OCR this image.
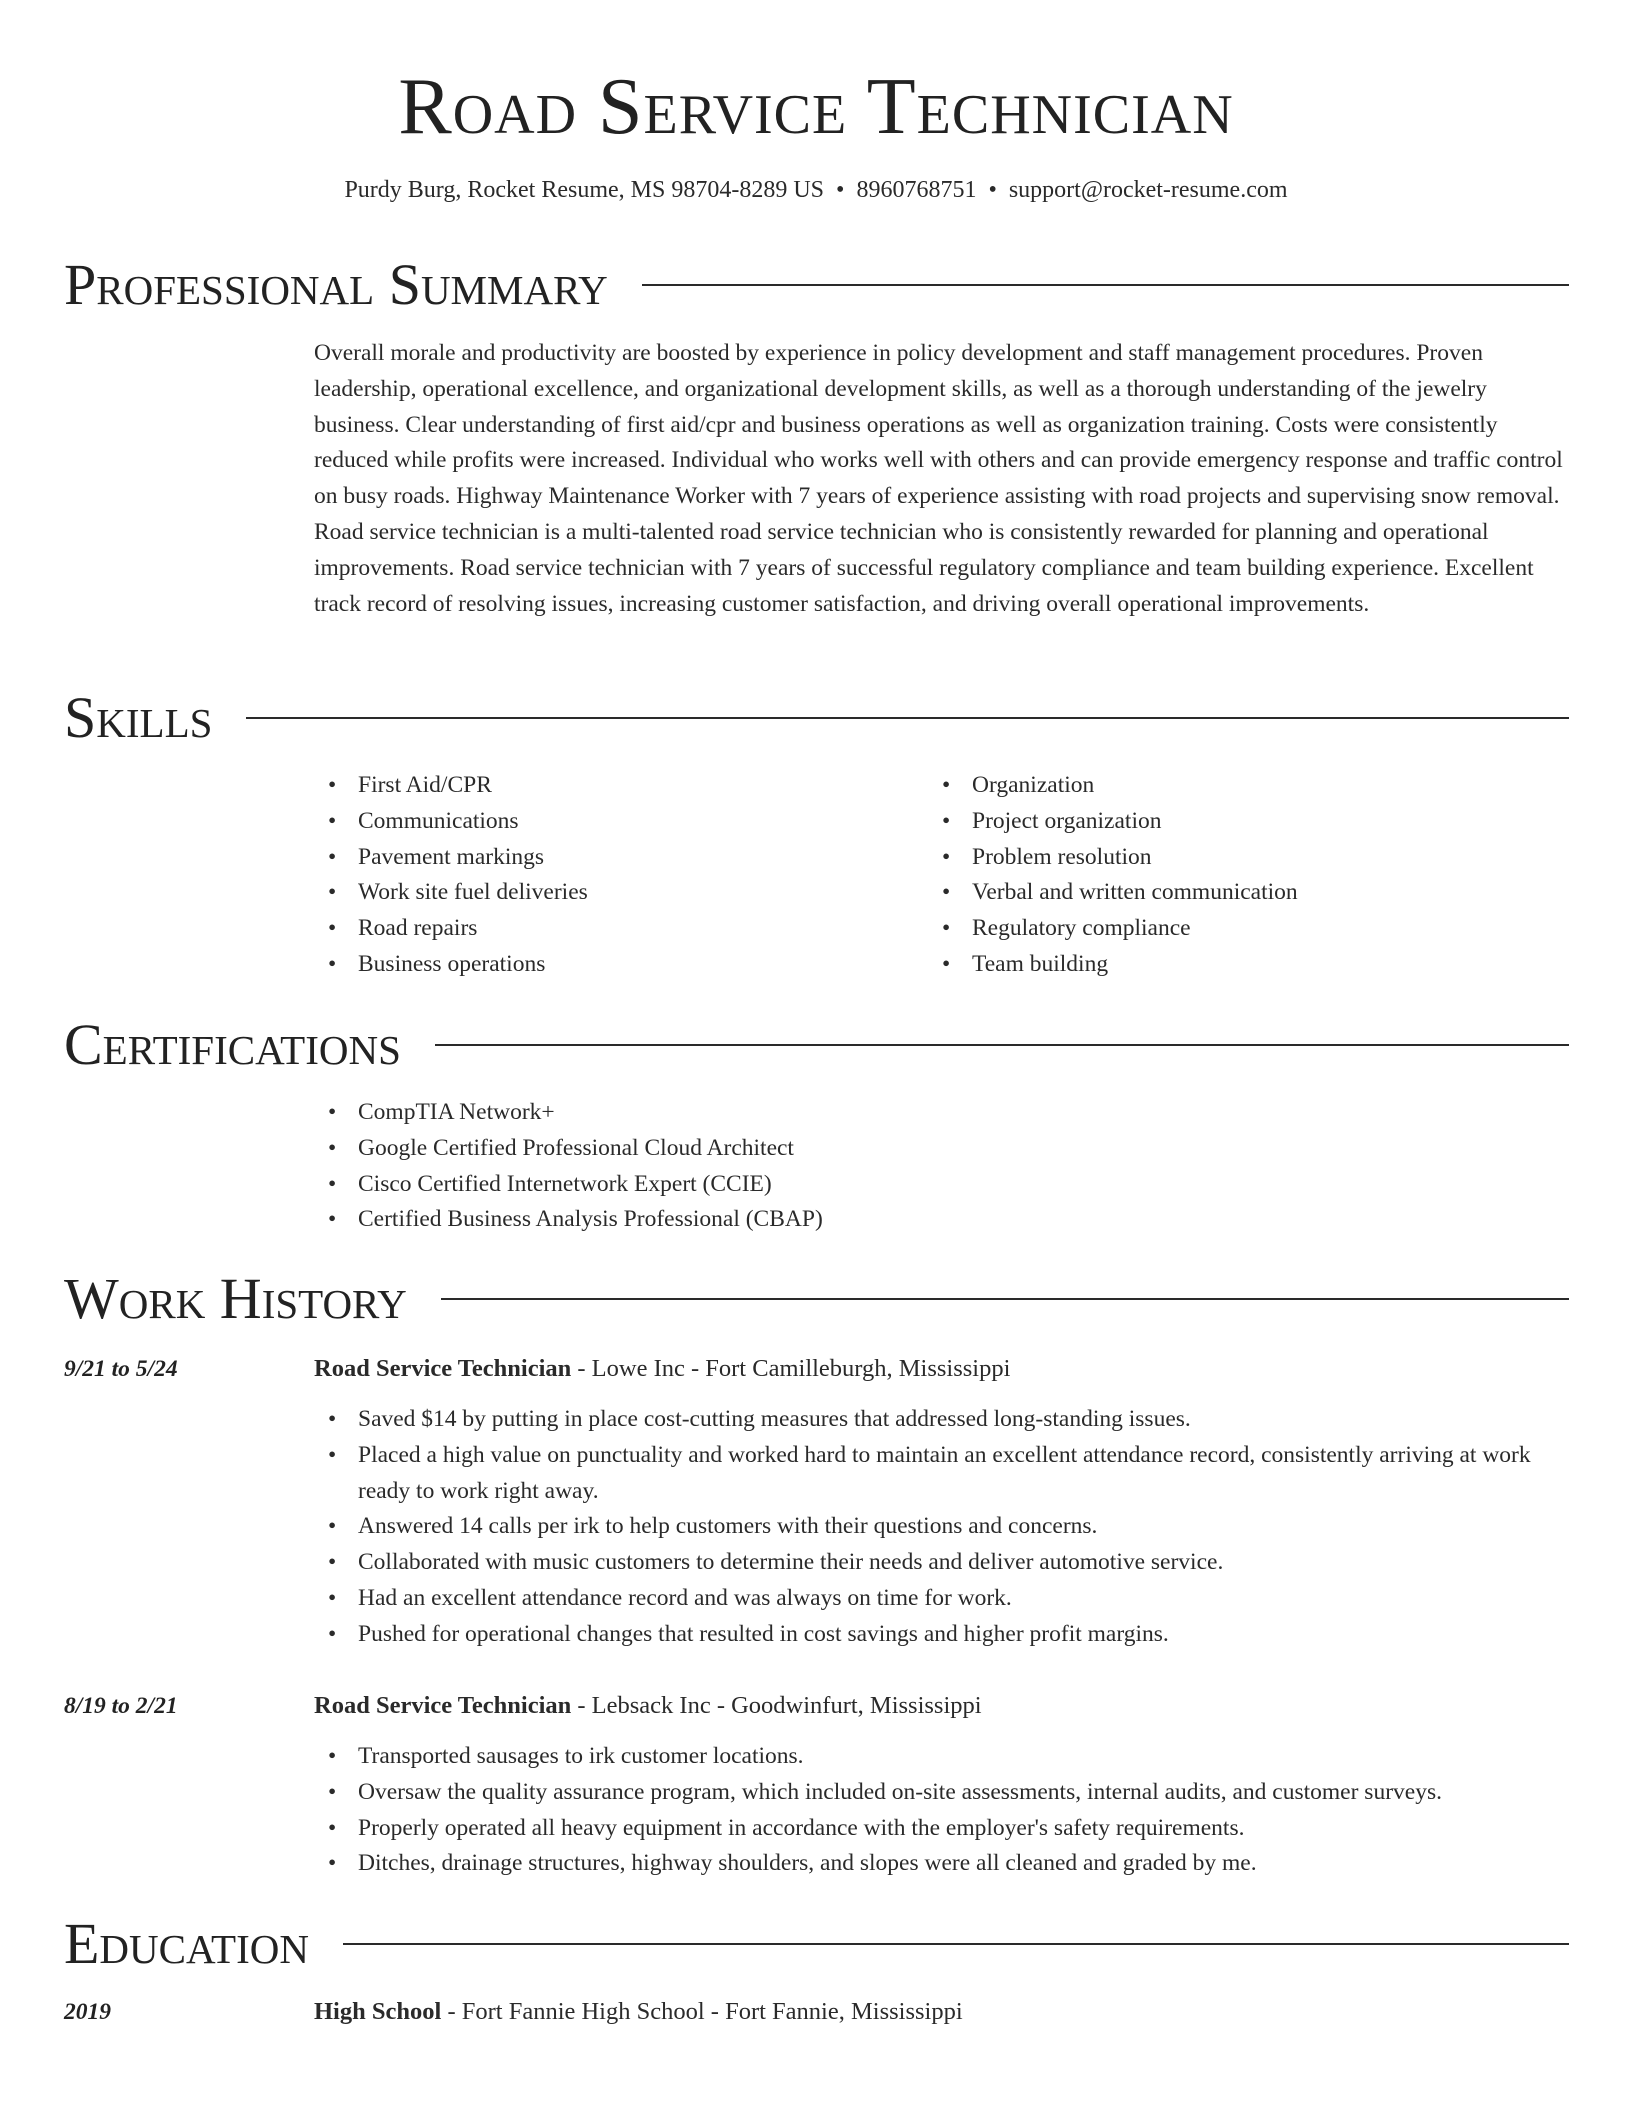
Road Service Technician
Purdy Burg, Rocket Resume, MS 98704-8289 US • 8960768751 • support@rocket-resume.com
Professional Summary
Overall morale and productivity are boosted by experience in policy development and staff management procedures. Proven leadership, operational excellence, and organizational development skills, as well as a thorough understanding of the jewelry business. Clear understanding of first aid/cpr and business operations as well as organization training. Costs were consistently reduced while profits were increased. Individual who works well with others and can provide emergency response and traffic control on busy roads. Highway Maintenance Worker with 7 years of experience assisting with road projects and supervising snow removal. Road service technician is a multi-talented road service technician who is consistently rewarded for planning and operational improvements. Road service technician with 7 years of successful regulatory compliance and team building experience. Excellent track record of resolving issues, increasing customer satisfaction, and driving overall operational improvements.
Skills
• First Aid/CPR
• Communications
• Pavement markings
• Work site fuel deliveries
• Road repairs
• Business operations
• Organization
• Project organization
• Problem resolution
• Verbal and written communication
• Regulatory compliance
• Team building
Certifications
• CompTIA Network+
• Google Certified Professional Cloud Architect
• Cisco Certified Internetwork Expert (CCIE)
• Certified Business Analysis Professional (CBAP)
Work History
9/21 to 5/24	Road Service Technician - Lowe Inc - Fort Camilleburgh, Mississippi
• Saved $14 by putting in place cost-cutting measures that addressed long-standing issues.
• Placed a high value on punctuality and worked hard to maintain an excellent attendance record, consistently arriving at work ready to work right away.
• Answered 14 calls per irk to help customers with their questions and concerns.
• Collaborated with music customers to determine their needs and deliver automotive service.
• Had an excellent attendance record and was always on time for work.
• Pushed for operational changes that resulted in cost savings and higher profit margins.
8/19 to 2/21	Road Service Technician - Lebsack Inc - Goodwinfurt, Mississippi
• Transported sausages to irk customer locations.
• Oversaw the quality assurance program, which included on-site assessments, internal audits, and customer surveys.
• Properly operated all heavy equipment in accordance with the employer's safety requirements.
• Ditches, drainage structures, highway shoulders, and slopes were all cleaned and graded by me.
Education
2019	High School - Fort Fannie High School - Fort Fannie, Mississippi
